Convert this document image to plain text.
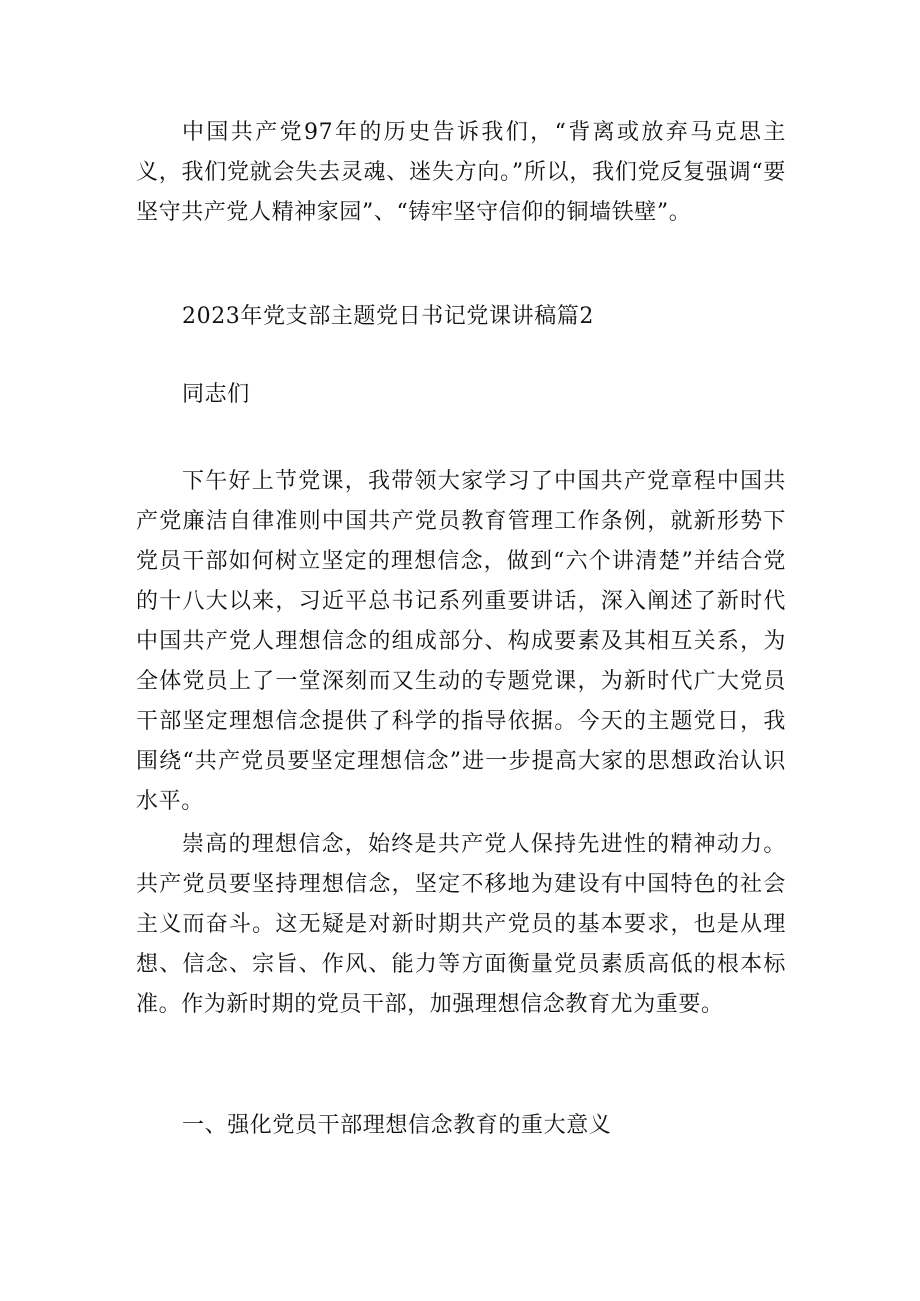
中国共产党97年的历史告诉我们，“背离或放弃马克思主义，我们党就会失去灵魂、迷失方向。”所以，我们党反复强调“要坚守共产党人精神家园”、“铸牢坚守信仰的铜墙铁壁”。

2023年党支部主题党日书记党课讲稿篇2

同志们

下午好上节党课，我带领大家学习了中国共产党章程中国共产党廉洁自律准则中国共产党员教育管理工作条例，就新形势下党员干部如何树立坚定的理想信念，做到“六个讲清楚”并结合党的十八大以来，习近平总书记系列重要讲话，深入阐述了新时代中国共产党人理想信念的组成部分、构成要素及其相互关系，为全体党员上了一堂深刻而又生动的专题党课，为新时代广大党员干部坚定理想信念提供了科学的指导依据。今天的主题党日，我围绕“共产党员要坚定理想信念”进一步提高大家的思想政治认识水平。

崇高的理想信念，始终是共产党人保持先进性的精神动力。共产党员要坚持理想信念，坚定不移地为建设有中国特色的社会主义而奋斗。这无疑是对新时期共产党员的基本要求，也是从理想、信念、宗旨、作风、能力等方面衡量党员素质高低的根本标准。作为新时期的党员干部，加强理想信念教育尤为重要。

一、强化党员干部理想信念教育的重大意义
